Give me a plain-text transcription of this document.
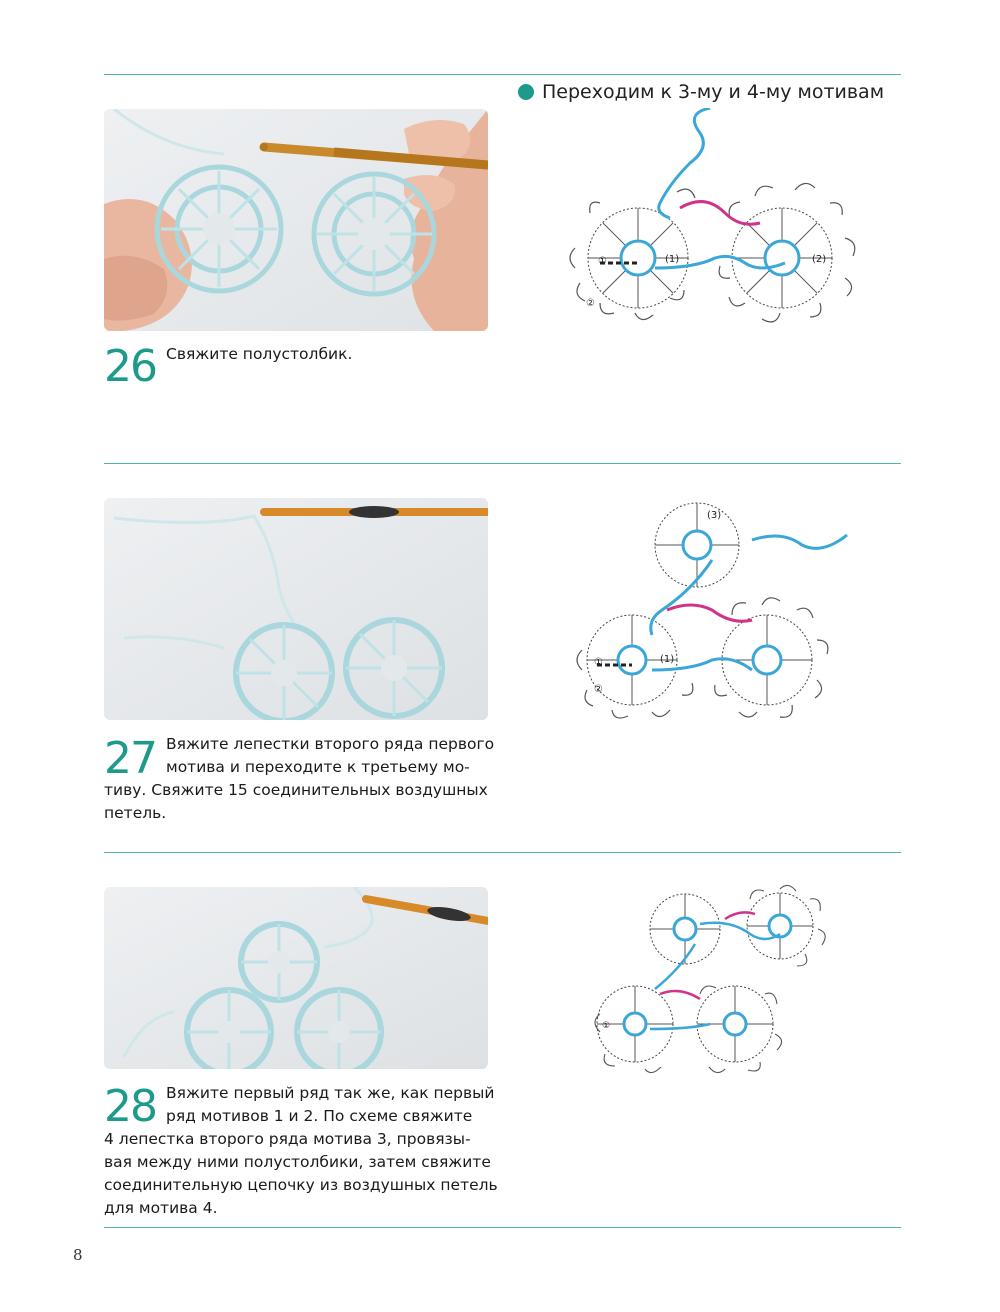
Переходим к 3-му и 4-му мотивам
26 Свяжите полустолбик.

①	(1)	(2)
②
27 Вяжите лепестки второго ряда первого

мотива и переходите к третьему мо-

тиву. Свяжите 15 соединительных воздушных

петель.

(3)
①	(1)
②
28 Вяжите первый ряд так же, как первый

ряд мотивов 1 и 2. По схеме свяжите

4 лепестка второго ряда мотива 3, провязы-

вая между ними полустолбики, затем свяжите

соединительную цепочку из воздушных петель

для мотива 4.

①
8
